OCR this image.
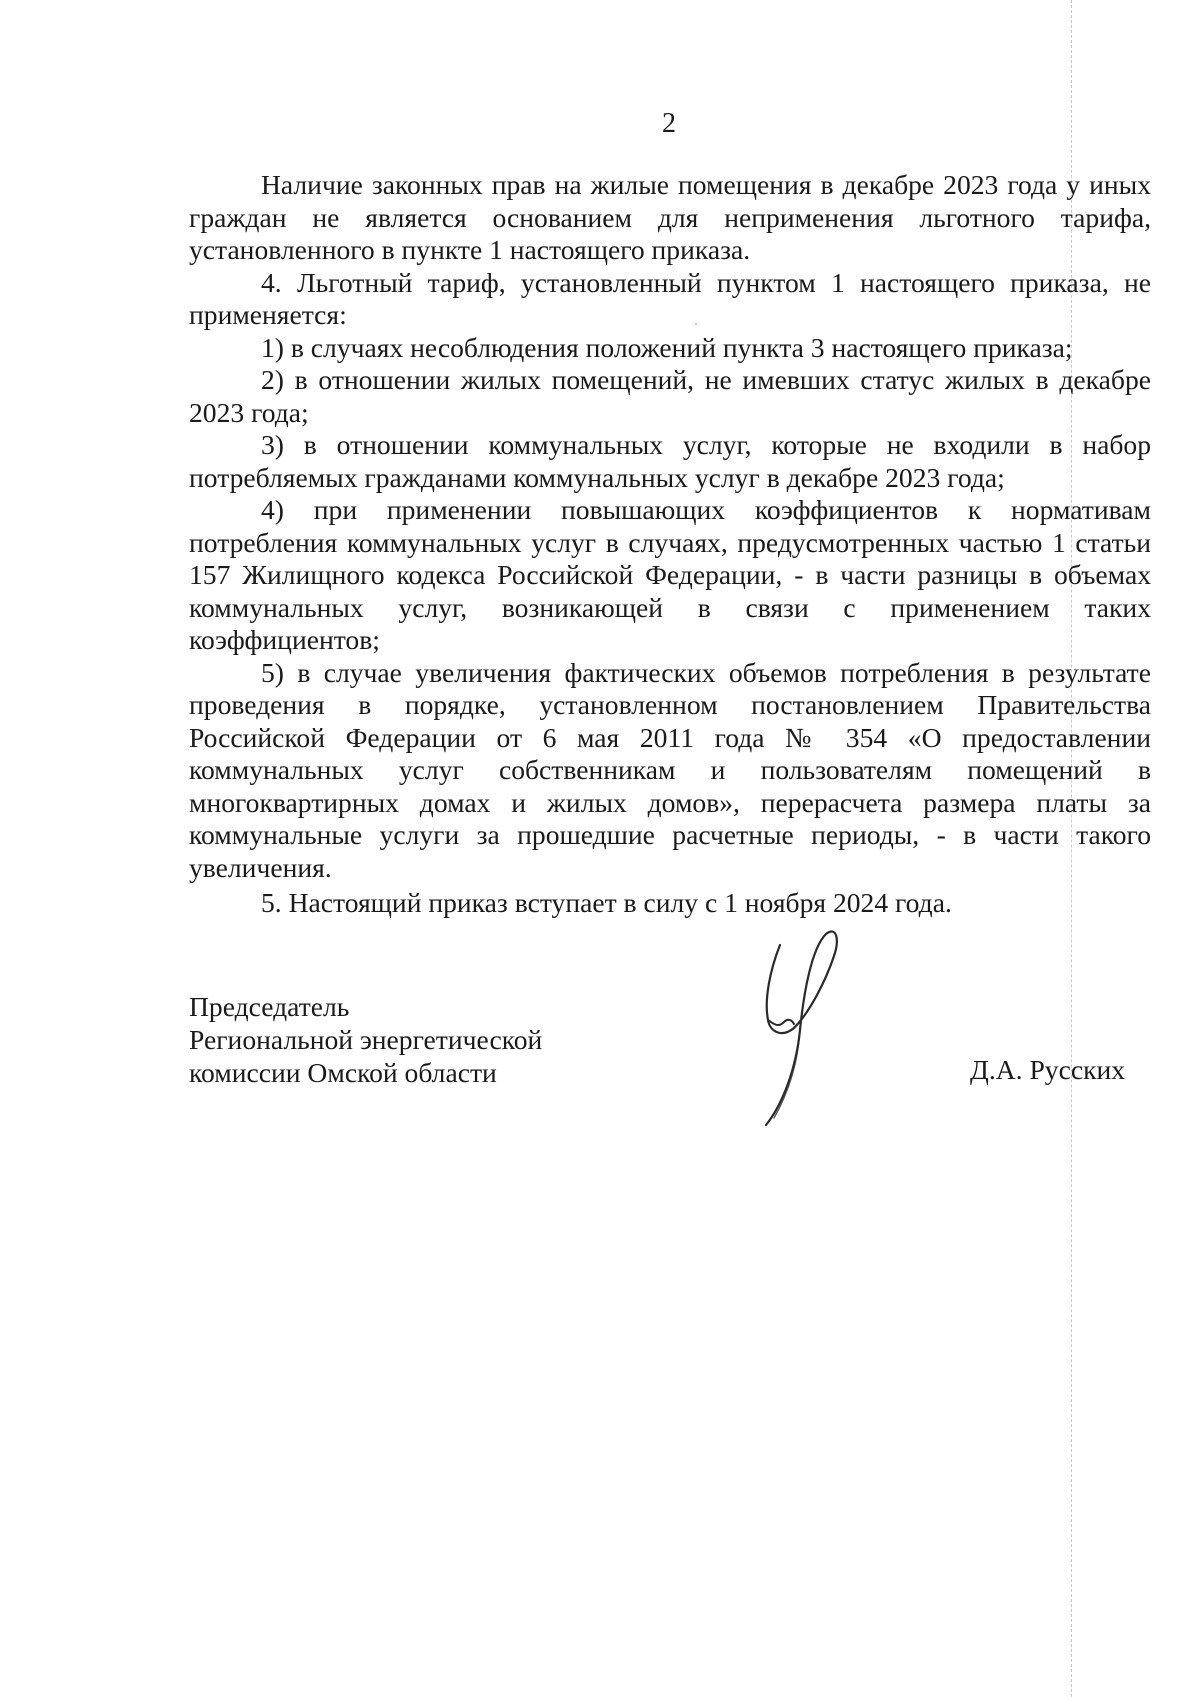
2

Наличие законных прав на жилые помещения в декабре 2023 года у иных граждан не является основанием для неприменения льготного тарифа, установленного в пункте 1 настоящего приказа.

4. Льготный тариф, установленный пунктом 1 настоящего приказа, не применяется:

1) в случаях несоблюдения положений пункта 3 настоящего приказа;

2) в отношении жилых помещений, не имевших статус жилых в декабре 2023 года;

3) в отношении коммунальных услуг, которые не входили в набор потребляемых гражданами коммунальных услуг в декабре 2023 года;

4) при применении повышающих коэффициентов к нормативам потребления коммунальных услуг в случаях, предусмотренных частью 1 статьи 157 Жилищного кодекса Российской Федерации, - в части разницы в объемах коммунальных услуг, возникающей в связи с применением таких коэффициентов;

5) в случае увеличения фактических объемов потребления в результате проведения в порядке, установленном постановлением Правительства Российской Федерации от 6 мая 2011 года № 354 «О предоставлении коммунальных услуг собственникам и пользователям помещений в многоквартирных домах и жилых домов», перерасчета размера платы за коммунальные услуги за прошедшие расчетные периоды, - в части такого увеличения.

5. Настоящий приказ вступает в силу с 1 ноября 2024 года.

Председатель
Региональной энергетической
комиссии Омской области	Д.А. Русских
